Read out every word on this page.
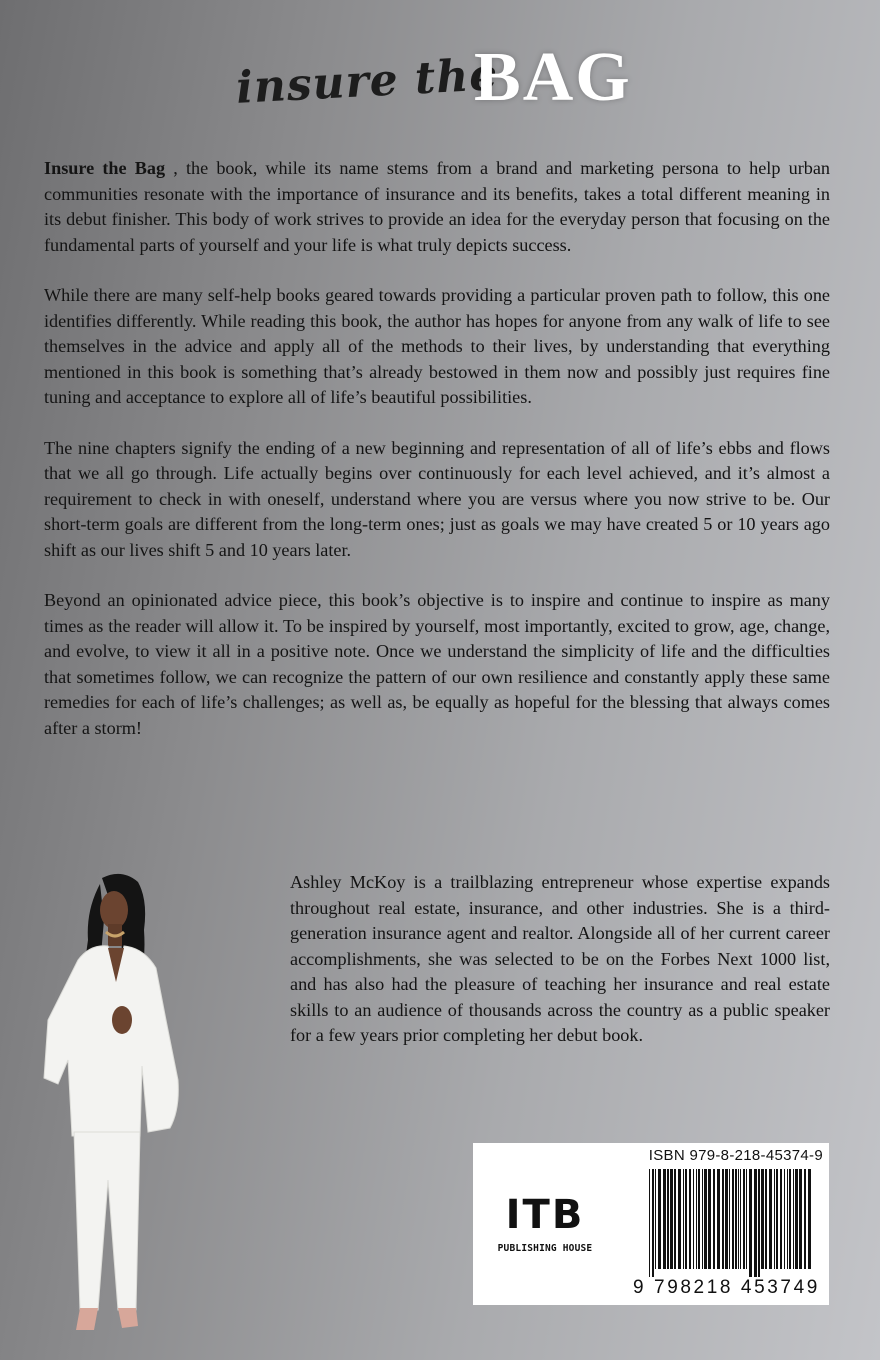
insure the
BAG

Insure the Bag , the book, while its name stems from a brand and marketing persona to help urban communities resonate with the importance of insurance and its benefits, takes a total different meaning in its debut finisher. This body of work strives to provide an idea for the everyday person that focusing on the fundamental parts of yourself and your life is what truly depicts success.

While there are many self-help books geared towards providing a particular proven path to follow, this one identifies differently. While reading this book, the author has hopes for anyone from any walk of life to see themselves in the advice and apply all of the methods to their lives, by understanding that everything mentioned in this book is something that’s already bestowed in them now and possibly just requires fine tuning and acceptance to explore all of life’s beautiful possibilities.

The nine chapters signify the ending of a new beginning and representation of all of life’s ebbs and flows that we all go through. Life actually begins over continuously for each level achieved, and it’s almost a requirement to check in with oneself, understand where you are versus where you now strive to be. Our short-term goals are different from the long-term ones; just as goals we may have created 5 or 10 years ago shift as our lives shift 5 and 10 years later.

Beyond an opinionated advice piece, this book’s objective is to inspire and continue to inspire as many times as the reader will allow it. To be inspired by yourself, most importantly, excited to grow, age, change, and evolve, to view it all in a positive note. Once we understand the simplicity of life and the difficulties that sometimes follow, we can recognize the pattern of our own resilience and constantly apply these same remedies for each of life’s challenges; as well as, be equally as hopeful for the blessing that always comes after a storm!

Ashley McKoy is a trailblazing entrepreneur whose expertise expands throughout real estate, insurance, and other industries. She is a third-generation insurance agent and realtor. Alongside all of her current career accomplishments, she was selected to be on the Forbes Next 1000 list, and has also had the pleasure of teaching her insurance and real estate skills to an audience of thousands across the country as a public speaker for a few years prior completing her debut book.

ISBN 979-8-218-45374-9
ITB
PUBLISHING HOUSE
9 798218 453749
